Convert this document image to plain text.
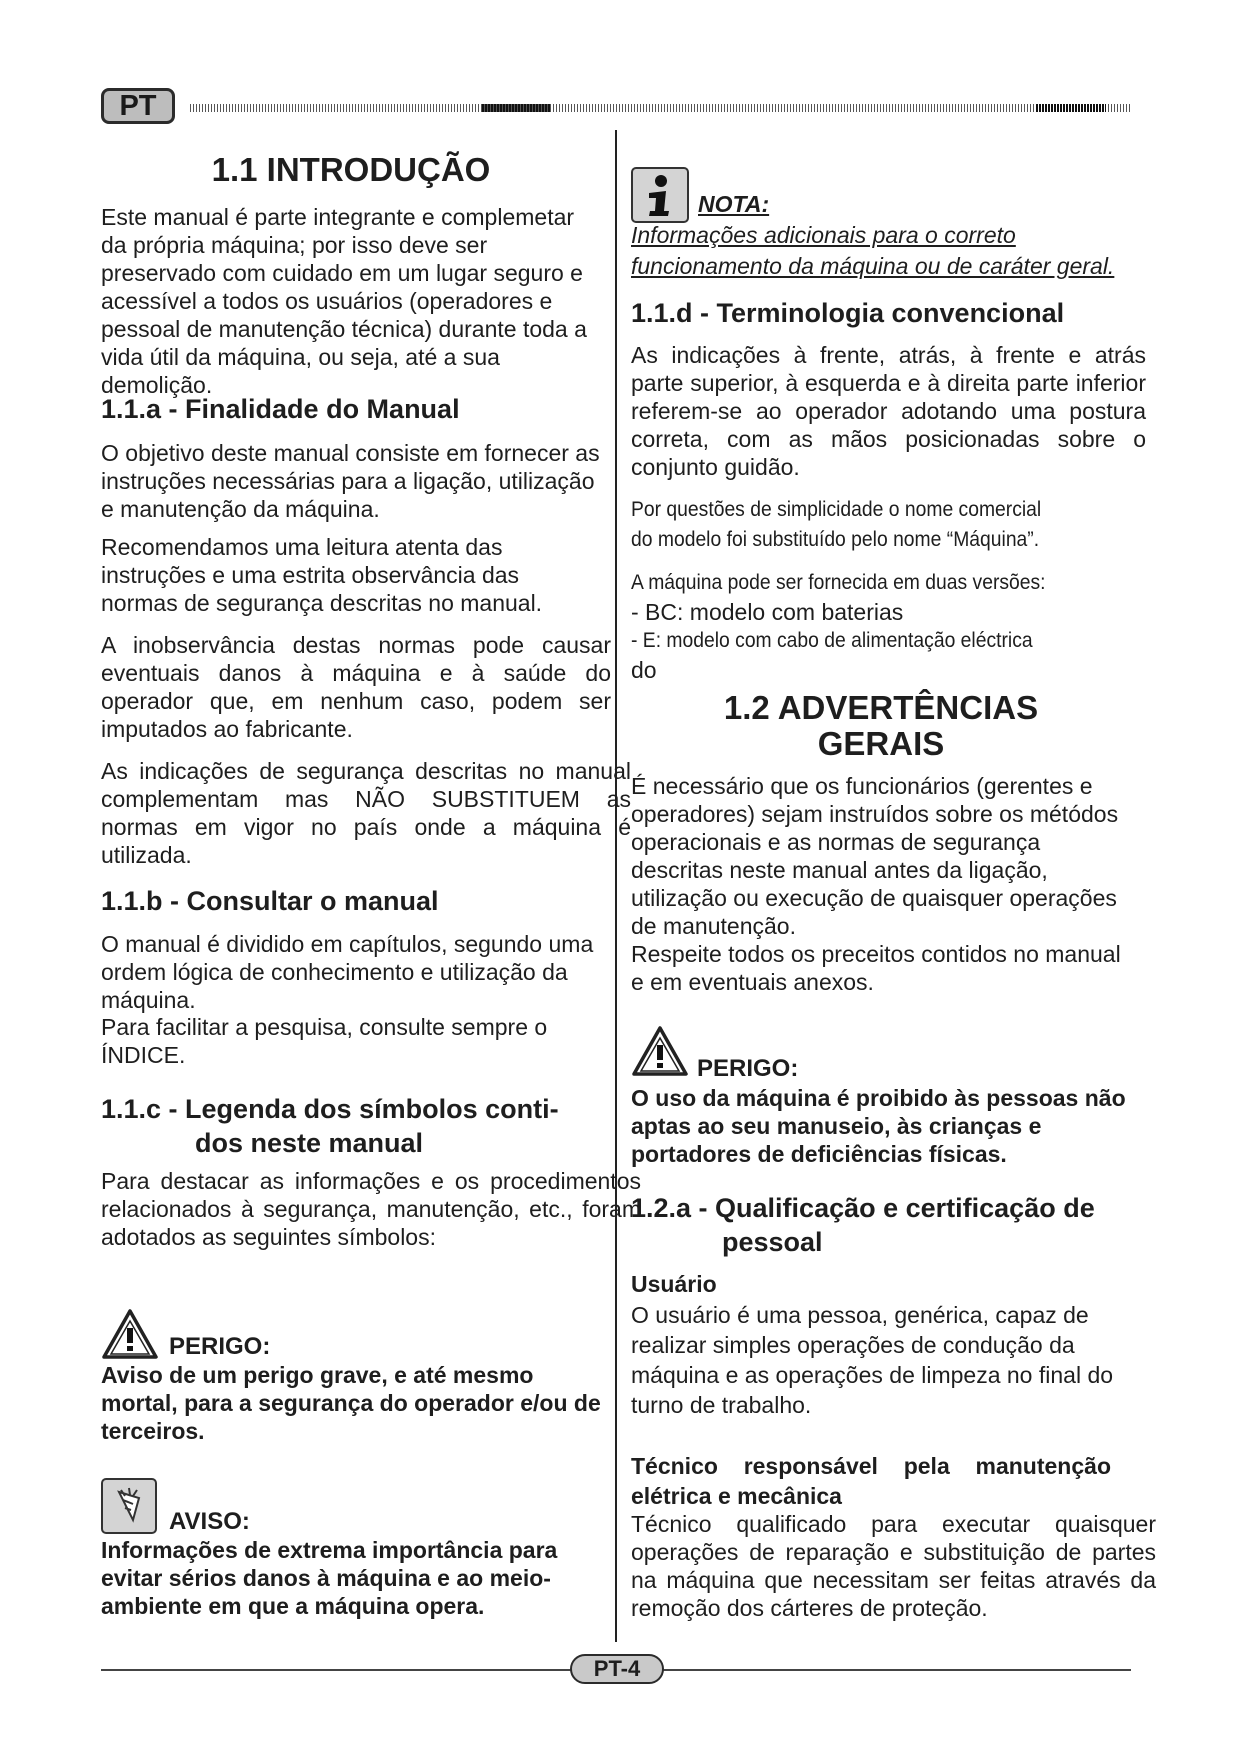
PT
1.1 INTRODUÇÃO
Este manual é parte integrante e complemetar da própria máquina; por isso deve ser preservado com cuidado em um lugar seguro e acessível a todos os usuários (operadores e pessoal de manutenção técnica) durante toda a vida útil da máquina, ou seja, até a sua demolição.
1.1.a - Finalidade do Manual
O objetivo deste manual consiste em fornecer as instruções necessárias para a ligação, utilização e manutenção da máquina.
Recomendamos uma leitura atenta das instruções e uma estrita observância das normas de segurança descritas no manual.
A inobservância destas normas pode causar eventuais danos à máquina e à saúde do operador que, em nenhum caso, podem ser imputados ao fabricante.
As indicações de segurança descritas no manual complementam mas NÃO SUBSTITUEM as normas em vigor no país onde a máquina é utilizada.
1.1.b - Consultar o manual
O manual é dividido em capítulos, segundo uma ordem lógica de conhecimento e utilização da máquina.
Para facilitar a pesquisa, consulte sempre o ÍNDICE.
1.1.c - Legenda dos símbolos conti-
dos neste manual
Para destacar as informações e os procedimentos relacionados à segurança, manutenção, etc., foram adotados as seguintes símbolos:
PERIGO:
Aviso de um perigo grave, e até mesmo mortal, para a segurança do operador e/ou de terceiros.
AVISO:
Informações de extrema importância para evitar sérios danos à máquina e ao meio-ambiente em que a máquina opera.
NOTA:
Informações adicionais para o correto funcionamento da máquina ou de caráter geral.
1.1.d - Terminologia convencional
As indicações à frente, atrás, à frente e atrás parte superior, à esquerda e à direita parte inferior referem-se ao operador adotando uma postura correta, com as mãos posicionadas sobre o conjunto guidão.
Por questões de simplicidade o nome comercial
do modelo foi substituído pelo nome “Máquina”.
A máquina pode ser fornecida em duas versões:
- BC: modelo com baterias
- E: modelo com cabo de alimentação eléctrica
do
1.2 ADVERTÊNCIAS
GERAIS
É necessário que os funcionários (gerentes e operadores) sejam instruídos sobre os métódos operacionais e as normas de segurança descritas neste manual antes da ligação, utilização ou execução de quaisquer operações de manutenção.
Respeite todos os preceitos contidos no manual e em eventuais anexos.
PERIGO:
O uso da máquina é proibido às pessoas não aptas ao seu manuseio, às crianças e portadores de deficiências físicas.
1.2.a - Qualificação e certificação de
pessoal
Usuário
O usuário é uma pessoa, genérica, capaz de realizar simples operações de condução da máquina e as operações de limpeza no final do turno de trabalho.
Técnico responsável pela manutenção elétrica e mecânica
Técnico qualificado para executar quaisquer operações de reparação e substituição de partes na máquina que necessitam ser feitas através da remoção dos cárteres de proteção.
PT-4
